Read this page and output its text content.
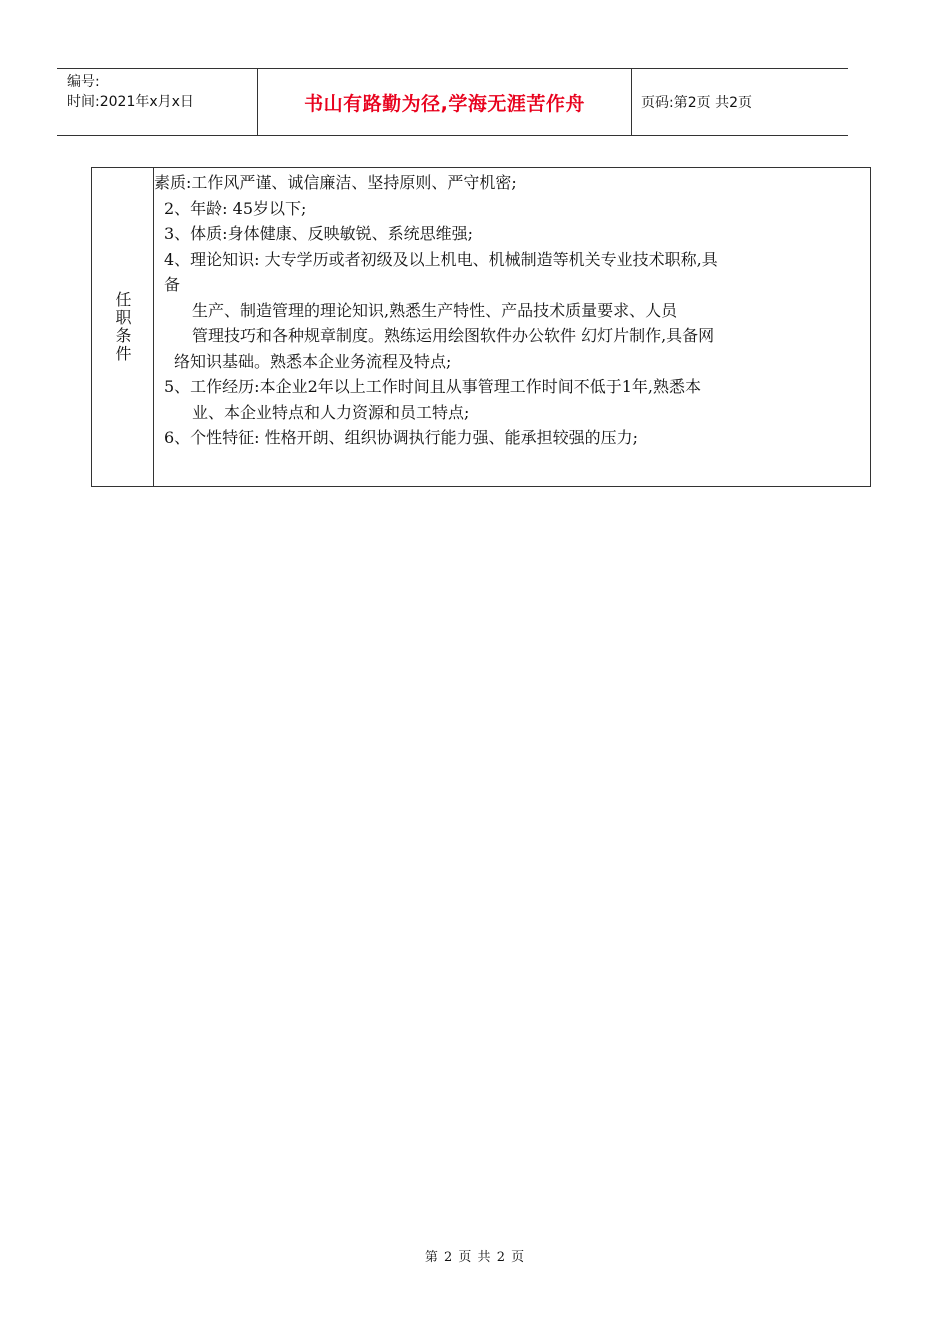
编号:
时间:2021年x月x日	书山有路勤为径,学海无涯苦作舟	页码:第2页 共2页
任职条件
素质:工作风严谨、诚信廉洁、坚持原则、严守机密;
2、年龄: 45岁以下;
3、体质:身体健康、反映敏锐、系统思维强;
4、理论知识: 大专学历或者初级及以上机电、机械制造等机关专业技术职称,具
备
生产、制造管理的理论知识,熟悉生产特性、产品技术质量要求、人员
管理技巧和各种规章制度。熟练运用绘图软件办公软件 幻灯片制作,具备网
络知识基础。熟悉本企业务流程及特点;
5、工作经历:本企业2年以上工作时间且从事管理工作时间不低于1年,熟悉本
业、本企业特点和人力资源和员工特点;
6、个性特征: 性格开朗、组织协调执行能力强、能承担较强的压力;
第 2 页 共 2 页
